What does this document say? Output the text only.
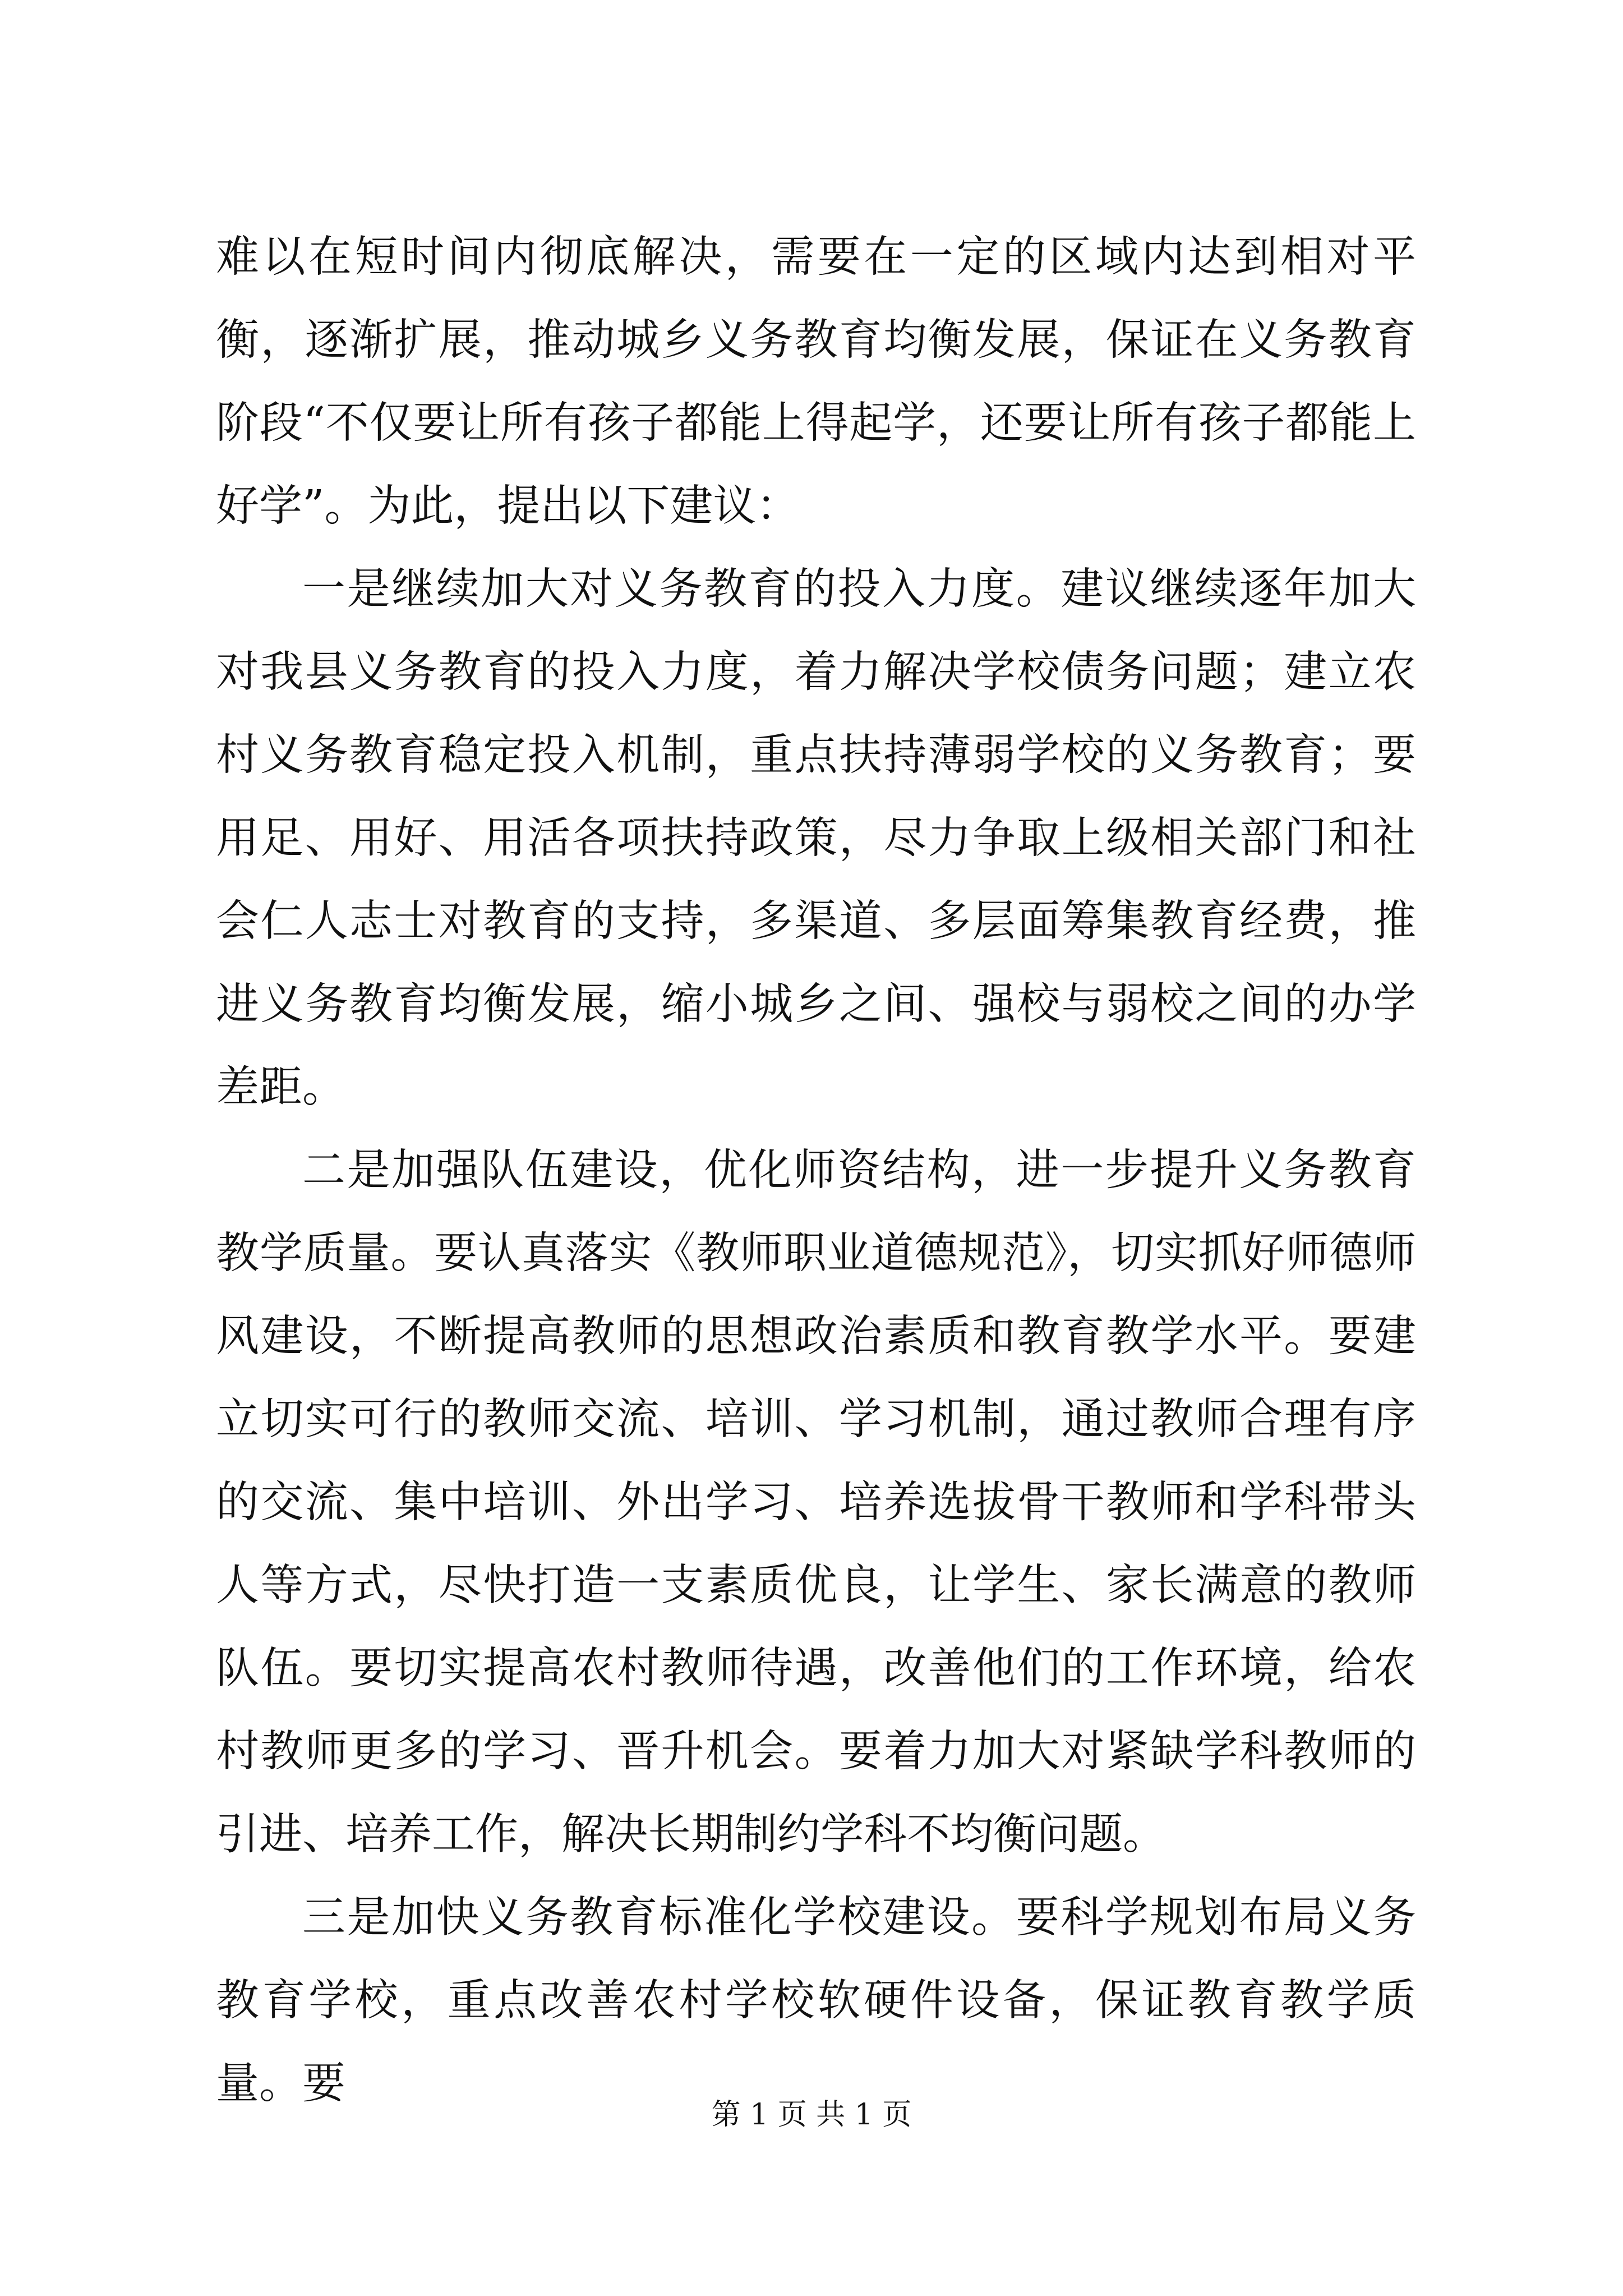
难以在短时间内彻底解决，需要在一定的区域内达到相对平衡，逐渐扩展，推动城乡义务教育均衡发展，保证在义务教育阶段“不仅要让所有孩子都能上得起学，还要让所有孩子都能上好学”。为此，提出以下建议：

一是继续加大对义务教育的投入力度。建议继续逐年加大对我县义务教育的投入力度，着力解决学校债务问题；建立农村义务教育稳定投入机制，重点扶持薄弱学校的义务教育；要用足、用好、用活各项扶持政策，尽力争取上级相关部门和社会仁人志士对教育的支持，多渠道、多层面筹集教育经费，推进义务教育均衡发展，缩小城乡之间、强校与弱校之间的办学差距。

二是加强队伍建设，优化师资结构，进一步提升义务教育教学质量。要认真落实《教师职业道德规范》，切实抓好师德师风建设，不断提高教师的思想政治素质和教育教学水平。要建立切实可行的教师交流、培训、学习机制，通过教师合理有序的交流、集中培训、外出学习、培养选拔骨干教师和学科带头人等方式，尽快打造一支素质优良，让学生、家长满意的教师队伍。要切实提高农村教师待遇，改善他们的工作环境，给农村教师更多的学习、晋升机会。要着力加大对紧缺学科教师的引进、培养工作，解决长期制约学科不均衡问题。

三是加快义务教育标准化学校建设。要科学规划布局义务教育学校，重点改善农村学校软硬件设备，保证教育教学质量。要

第 1 页 共 1 页
